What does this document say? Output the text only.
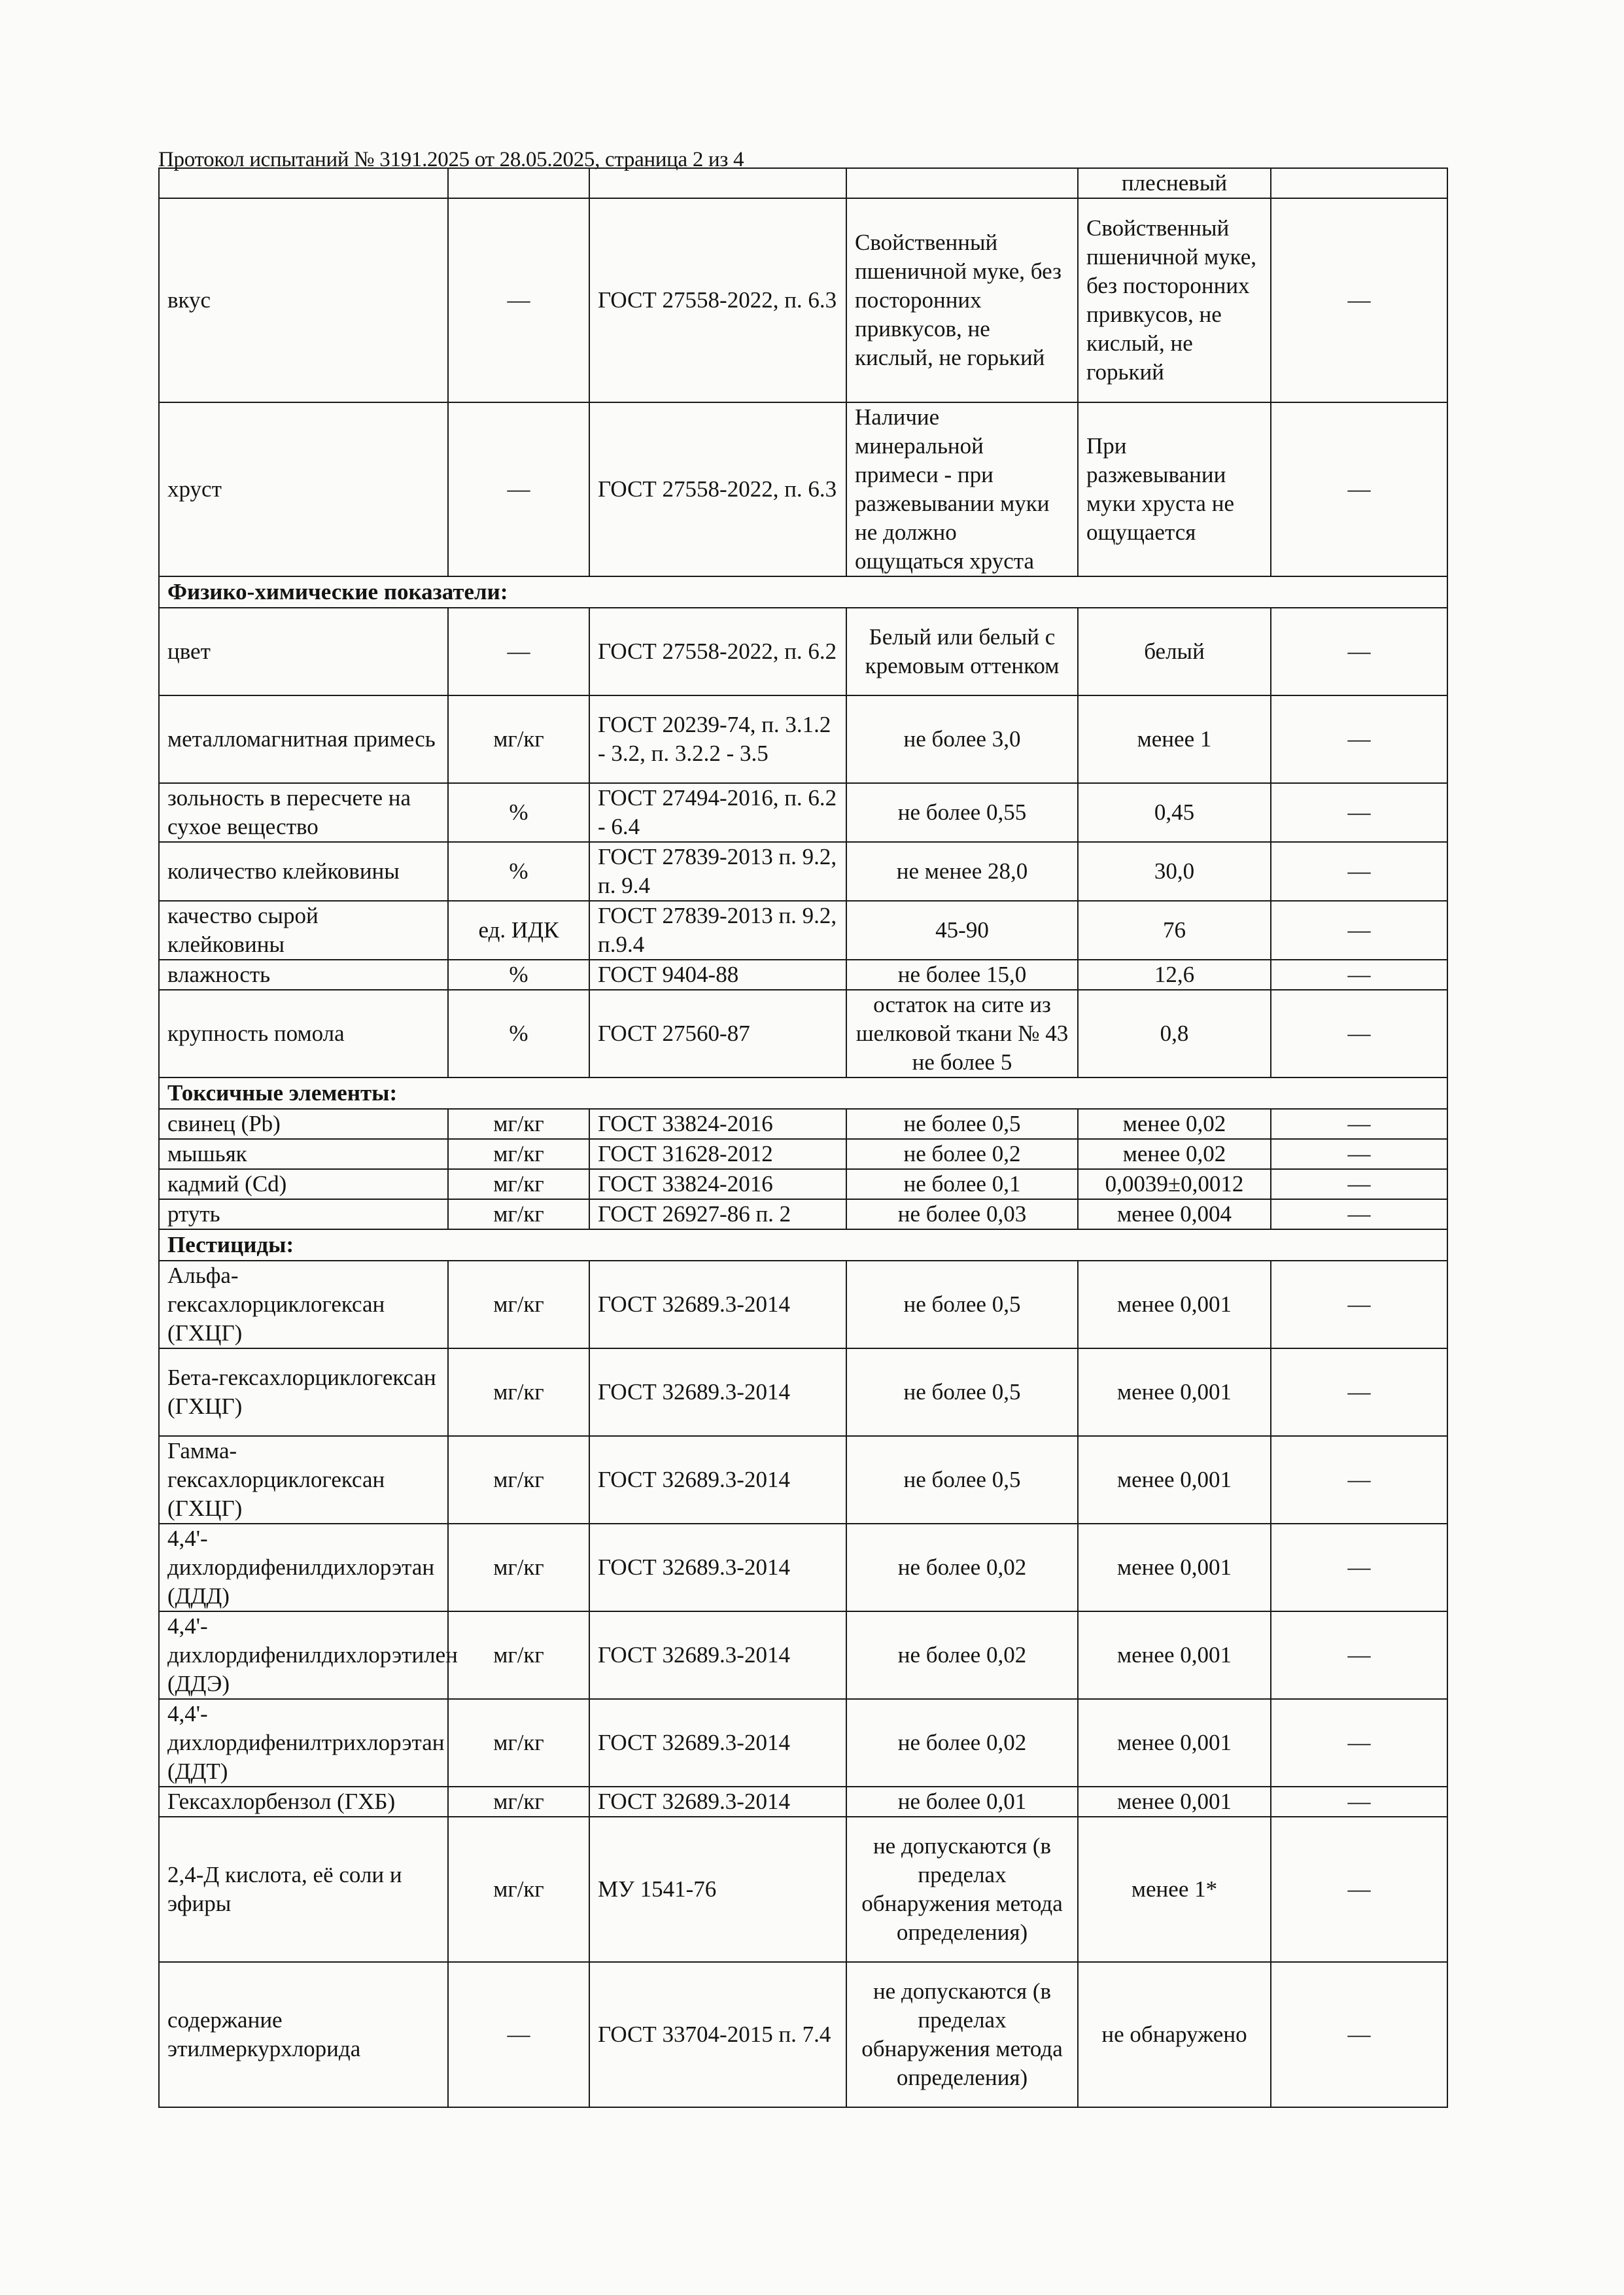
Протокол испытаний № 3191.2025 от 28.05.2025, страница 2 из 4
				плесневый	
вкус	—	ГОСТ 27558-2022, п. 6.3	Свойственный пшеничной муке, без посторонних привкусов, не кислый, не горький	Свойственный пшеничной муке, без посторонних привкусов, не кислый, не горький	—
хруст	—	ГОСТ 27558-2022, п. 6.3	Наличие минеральной примеси - при разжевывании муки не должно ощущаться хруста	При разжевывании муки хруста не ощущается	—
Физико-химические показатели:					
цвет	—	ГОСТ 27558-2022, п. 6.2	Белый или белый с кремовым оттенком	белый	—
металломагнитная примесь	мг/кг	ГОСТ 20239-74, п. 3.1.2 - 3.2, п. 3.2.2 - 3.5	не более 3,0	менее 1	—
зольность в пересчете на сухое вещество	%	ГОСТ 27494-2016, п. 6.2 - 6.4	не более 0,55	0,45	—
количество клейковины	%	ГОСТ 27839-2013 п. 9.2, п. 9.4	не менее 28,0	30,0	—
качество сырой клейковины	ед. ИДК	ГОСТ 27839-2013 п. 9.2, п.9.4	45-90	76	—
влажность	%	ГОСТ 9404-88	не более 15,0	12,6	—
крупность помола	%	ГОСТ 27560-87	остаток на сите из шелковой ткани № 43 не более 5	0,8	—
Токсичные элементы:					
свинец (Pb)	мг/кг	ГОСТ 33824-2016	не более 0,5	менее 0,02	—
мышьяк	мг/кг	ГОСТ 31628-2012	не более 0,2	менее 0,02	—
кадмий (Cd)	мг/кг	ГОСТ 33824-2016	не более 0,1	0,0039±0,0012	—
ртуть	мг/кг	ГОСТ 26927-86 п. 2	не более 0,03	менее 0,004	—
Пестициды:					
Альфа-гексахлорциклогексан (ГХЦГ)	мг/кг	ГОСТ 32689.3-2014	не более 0,5	менее 0,001	—
Бета-гексахлорциклогексан (ГХЦГ)	мг/кг	ГОСТ 32689.3-2014	не более 0,5	менее 0,001	—
Гамма-гексахлорциклогексан (ГХЦГ)	мг/кг	ГОСТ 32689.3-2014	не более 0,5	менее 0,001	—
4,4'-дихлордифенилдихлорэтан (ДДД)	мг/кг	ГОСТ 32689.3-2014	не более 0,02	менее 0,001	—
4,4'-дихлордифенилдихлорэтилен (ДДЭ)	мг/кг	ГОСТ 32689.3-2014	не более 0,02	менее 0,001	—
4,4'-дихлордифенилтрихлорэтан (ДДТ)	мг/кг	ГОСТ 32689.3-2014	не более 0,02	менее 0,001	—
Гексахлорбензол (ГХБ)	мг/кг	ГОСТ 32689.3-2014	не более 0,01	менее 0,001	—
2,4-Д кислота, её соли и эфиры	мг/кг	МУ 1541-76	не допускаются (в пределах обнаружения метода определения)	менее 1*	—
содержание этилмеркурхлорида	—	ГОСТ 33704-2015 п. 7.4	не допускаются (в пределах обнаружения метода определения)	не обнаружено	—
